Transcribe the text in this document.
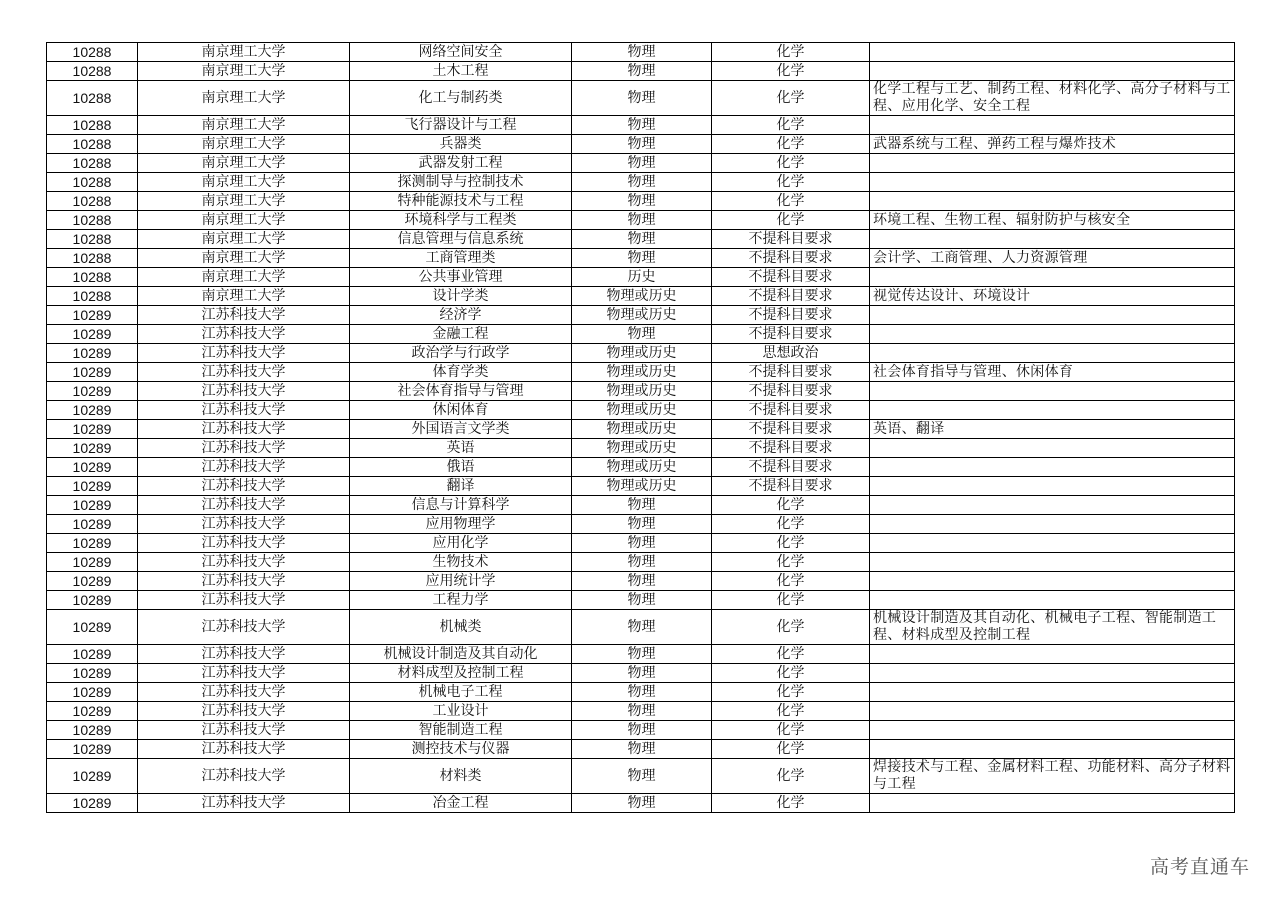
10288	南京理工大学	网络空间安全	物理	化学	
10288	南京理工大学	土木工程	物理	化学	
10288	南京理工大学	化工与制药类	物理	化学	化学工程与工艺、制药工程、材料化学、高分子材料与工程、应用化学、安全工程
10288	南京理工大学	飞行器设计与工程	物理	化学	
10288	南京理工大学	兵器类	物理	化学	武器系统与工程、弹药工程与爆炸技术
10288	南京理工大学	武器发射工程	物理	化学	
10288	南京理工大学	探测制导与控制技术	物理	化学	
10288	南京理工大学	特种能源技术与工程	物理	化学	
10288	南京理工大学	环境科学与工程类	物理	化学	环境工程、生物工程、辐射防护与核安全
10288	南京理工大学	信息管理与信息系统	物理	不提科目要求	
10288	南京理工大学	工商管理类	物理	不提科目要求	会计学、工商管理、人力资源管理
10288	南京理工大学	公共事业管理	历史	不提科目要求	
10288	南京理工大学	设计学类	物理或历史	不提科目要求	视觉传达设计、环境设计
10289	江苏科技大学	经济学	物理或历史	不提科目要求	
10289	江苏科技大学	金融工程	物理	不提科目要求	
10289	江苏科技大学	政治学与行政学	物理或历史	思想政治	
10289	江苏科技大学	体育学类	物理或历史	不提科目要求	社会体育指导与管理、休闲体育
10289	江苏科技大学	社会体育指导与管理	物理或历史	不提科目要求	
10289	江苏科技大学	休闲体育	物理或历史	不提科目要求	
10289	江苏科技大学	外国语言文学类	物理或历史	不提科目要求	英语、翻译
10289	江苏科技大学	英语	物理或历史	不提科目要求	
10289	江苏科技大学	俄语	物理或历史	不提科目要求	
10289	江苏科技大学	翻译	物理或历史	不提科目要求	
10289	江苏科技大学	信息与计算科学	物理	化学	
10289	江苏科技大学	应用物理学	物理	化学	
10289	江苏科技大学	应用化学	物理	化学	
10289	江苏科技大学	生物技术	物理	化学	
10289	江苏科技大学	应用统计学	物理	化学	
10289	江苏科技大学	工程力学	物理	化学	
10289	江苏科技大学	机械类	物理	化学	机械设计制造及其自动化、机械电子工程、智能制造工程、材料成型及控制工程
10289	江苏科技大学	机械设计制造及其自动化	物理	化学	
10289	江苏科技大学	材料成型及控制工程	物理	化学	
10289	江苏科技大学	机械电子工程	物理	化学	
10289	江苏科技大学	工业设计	物理	化学	
10289	江苏科技大学	智能制造工程	物理	化学	
10289	江苏科技大学	测控技术与仪器	物理	化学	
10289	江苏科技大学	材料类	物理	化学	焊接技术与工程、金属材料工程、功能材料、高分子材料与工程
10289	江苏科技大学	冶金工程	物理	化学	
高考直通车
